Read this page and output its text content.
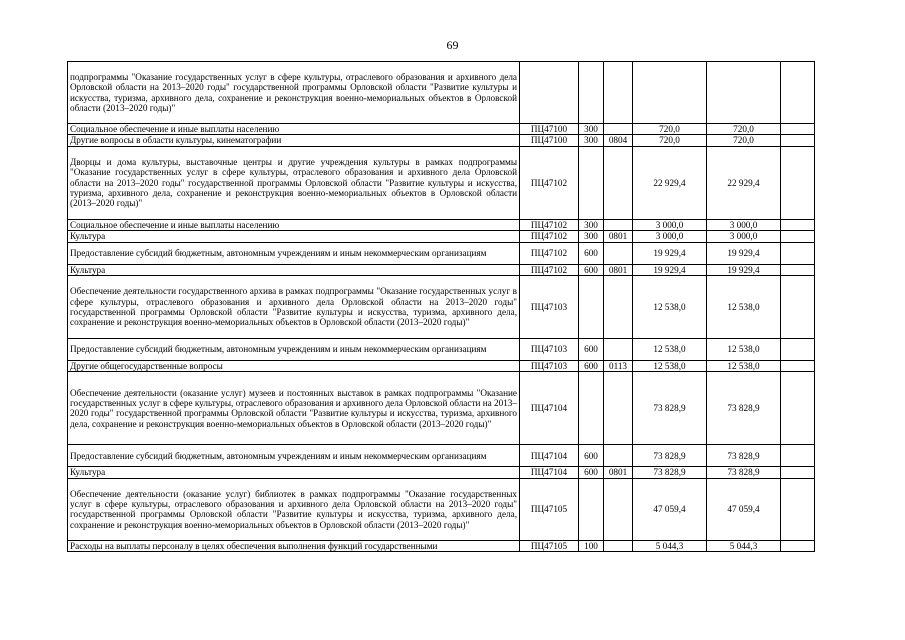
69
подпрограммы "Оказание государственных услуг в сфере культуры, отраслевого образования и архивного дела Орловской области на 2013–2020 годы" государственной программы Орловской области "Развитие культуры и искусства, туризма, архивного дела, сохранение и реконструкция военно-мемориальных объектов в Орловской области (2013–2020 годы)"						
Социальное обеспечение и иные выплаты населению	ПЦ47100	300		720,0	720,0	
Другие вопросы в области культуры, кинематографии	ПЦ47100	300	0804	720,0	720,0	
Дворцы и дома культуры, выставочные центры и другие учреждения культуры в рамках подпрограммы "Оказание государственных услуг в сфере культуры, отраслевого образования и архивного дела Орловской области на 2013–2020 годы" государственной программы Орловской области "Развитие культуры и искусства, туризма, архивного дела, сохранение и реконструкция военно-мемориальных объектов в Орловской области (2013–2020 годы)"	ПЦ47102			22 929,4	22 929,4	
Социальное обеспечение и иные выплаты населению	ПЦ47102	300		3 000,0	3 000,0	
Культура	ПЦ47102	300	0801	3 000,0	3 000,0	
Предоставление субсидий бюджетным, автономным учреждениям и иным некоммерческим организациям	ПЦ47102	600		19 929,4	19 929,4	
Культура	ПЦ47102	600	0801	19 929,4	19 929,4	
Обеспечение деятельности государственного архива в рамках подпрограммы "Оказание государственных услуг в сфере культуры, отраслевого образования и архивного дела Орловской области на 2013–2020 годы" государственной программы Орловской области "Развитие культуры и искусства, туризма, архивного дела, сохранение и реконструкция военно-мемориальных объектов в Орловской области (2013–2020 годы)"	ПЦ47103			12 538,0	12 538,0	
Предоставление субсидий бюджетным, автономным учреждениям и иным некоммерческим организациям	ПЦ47103	600		12 538,0	12 538,0	
Другие общегосударственные вопросы	ПЦ47103	600	0113	12 538,0	12 538,0	
Обеспечение деятельности (оказание услуг) музеев и постоянных выставок в рамках подпрограммы "Оказание государственных услуг в сфере культуры, отраслевого образования и архивного дела Орловской области на 2013–2020 годы" государственной программы Орловской области "Развитие культуры и искусства, туризма, архивного дела, сохранение и реконструкция военно-мемориальных объектов в Орловской области (2013–2020 годы)"	ПЦ47104			73 828,9	73 828,9	
Предоставление субсидий бюджетным, автономным учреждениям и иным некоммерческим организациям	ПЦ47104	600		73 828,9	73 828,9	
Культура	ПЦ47104	600	0801	73 828,9	73 828,9	
Обеспечение деятельности (оказание услуг) библиотек в рамках подпрограммы "Оказание государственных услуг в сфере культуры, отраслевого образования и архивного дела Орловской области на 2013–2020 годы" государственной программы Орловской области "Развитие культуры и искусства, туризма, архивного дела, сохранение и реконструкция военно-мемориальных объектов в Орловской области (2013–2020 годы)"	ПЦ47105			47 059,4	47 059,4	
Расходы на выплаты персоналу в целях обеспечения выполнения функций государственными	ПЦ47105	100		5 044,3	5 044,3	
